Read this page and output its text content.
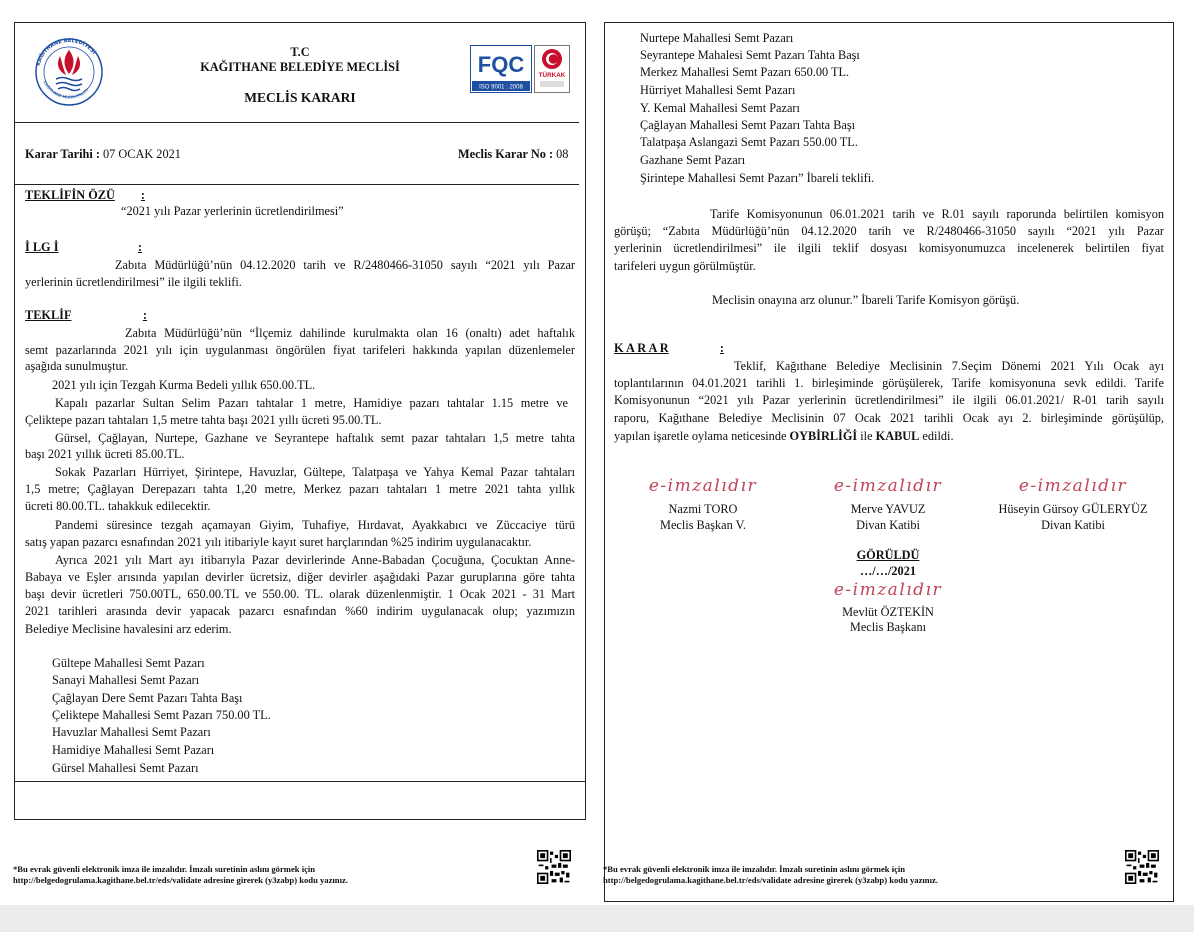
KAĞITHANE BELEDİYESİ
KAĞITHANE MUNICIPALITY
T.C
KAĞITHANE BELEDİYE MECLİSİ
MECLİS KARARI
FQC
ISO 9001 : 2008
TÜRKAK
Karar Tarihi : 07 OCAK 2021	Meclis Karar No : 08
TEKLİFİN ÖZÜ	:
“2021 yılı Pazar yerlerinin ücretlendirilmesi”
İ LG İ	:
Zabıta Müdürlüğü’nün 04.12.2020 tarih ve R/2480466-31050 sayılı “2021 yılı Pazar
yerlerinin ücretlendirilmesi” ile ilgili teklifi.
TEKLİF	:
Zabıta Müdürlüğü’nün “İlçemiz dahilinde kurulmakta olan 16 (onaltı) adet haftalık
semt pazarlarında 2021 yılı için uygulanması öngörülen fiyat tarifeleri hakkında yapılan düzenlemeler
aşağıda sunulmuştur.
2021 yılı için Tezgah Kurma Bedeli yıllık 650.00.TL.
Kapalı pazarlar Sultan Selim Pazarı tahtalar 1 metre, Hamidiye pazarı tahtalar 1.15 metre ve
Çeliktepe pazarı tahtaları 1,5 metre tahta başı 2021 yıllı ücreti 95.00.TL.
Gürsel, Çağlayan, Nurtepe, Gazhane ve Seyrantepe haftalık semt pazar tahtaları 1,5 metre tahta
başı 2021 yıllık ücreti 85.00.TL.
Sokak Pazarları Hürriyet, Şirintepe, Havuzlar, Gültepe, Talatpaşa ve Yahya Kemal Pazar tahtaları
1,5 metre; Çağlayan Derepazarı tahta 1,20 metre, Merkez pazarı tahtaları 1 metre 2021 tahta yıllık
ücreti 80.00.TL. tahakkuk edilecektir.
Pandemi süresince tezgah açamayan Giyim, Tuhafiye, Hırdavat, Ayakkabıcı ve Züccaciye türü
satış yapan pazarcı esnafından 2021 yılı itibariyle kayıt suret harçlarından %25 indirim uygulanacaktır.
Ayrıca 2021 yılı Mart ayı itibarıyla Pazar devirlerinde Anne-Babadan Çocuğuna, Çocuktan Anne-
Babaya ve Eşler arısında yapılan devirler ücretsiz, diğer devirler aşağıdaki Pazar guruplarına göre tahta
başı devir ücretleri 750.00TL, 650.00.TL ve 550.00. TL. olarak düzenlenmiştir. 1 Ocak 2021 - 31 Mart
2021 tarihleri arasında devir yapacak pazarcı esnafından %60 indirim uygulanacak olup; yazımızın
Belediye Meclisine havalesini arz ederim.
Gültepe Mahallesi Semt Pazarı
Sanayi Mahallesi Semt Pazarı
Çağlayan Dere Semt Pazarı Tahta Başı
Çeliktepe Mahallesi Semt Pazarı 750.00 TL.
Havuzlar Mahallesi Semt Pazarı
Hamidiye Mahallesi Semt Pazarı
Gürsel Mahallesi Semt Pazarı
*Bu evrak güvenli elektronik imza ile imzalıdır. İmzalı suretinin aslını görmek için
http://belgedogrulama.kagithane.bel.tr/eds/validate adresine girerek (y3zabp) kodu yazınız.
Nurtepe Mahallesi Semt Pazarı
Seyrantepe Mahalesi Semt Pazarı Tahta Başı
Merkez Mahallesi Semt Pazarı 650.00 TL.
Hürriyet Mahallesi Semt Pazarı
Y. Kemal Mahallesi Semt Pazarı
Çağlayan Mahallesi Semt Pazarı Tahta Başı
Talatpaşa Aslangazi Semt Pazarı 550.00 TL.
Gazhane Semt Pazarı
Şirintepe Mahallesi Semt Pazarı” İbareli teklifi.
Tarife Komisyonunun 06.01.2021 tarih ve R.01 sayılı raporunda belirtilen komisyon
görüşü; “Zabıta Müdürlüğü’nün 04.12.2020 tarih ve R/2480466-31050 sayılı “2021 yılı Pazar
yerlerinin ücretlendirilmesi” ile ilgili teklif dosyası komisyonumuzca incelenerek belirtilen fiyat
tarifeleri uygun görülmüştür.
Meclisin onayına arz olunur.” İbareli Tarife Komisyon görüşü.
K A R A R	:
Teklif, Kağıthane Belediye Meclisinin 7.Seçim Dönemi 2021 Yılı Ocak ayı
toplantılarının 04.01.2021 tarihli 1. birleşiminde görüşülerek, Tarife komisyonuna sevk edildi. Tarife
Komisyonunun “2021 yılı Pazar yerlerinin ücretlendirilmesi” ile ilgili 06.01.2021/ R-01 tarih sayılı
raporu, Kağıthane Belediye Meclisinin 07 Ocak 2021 tarihli Ocak ayı 2. birleşiminde görüşülüp,
yapılan işaretle oylama neticesinde OYBİRLİĞİ ile KABUL edildi.
e-imzalıdır
Nazmi TORO
Meclis Başkan V.
e-imzalıdır
Merve YAVUZ
Divan Katibi
e-imzalıdır
Hüseyin Gürsoy GÜLERYÜZ
Divan Katibi
GÖRÜLDÜ
…/…/2021
e-imzalıdır
Mevlüt ÖZTEKİN
Meclis Başkanı
*Bu evrak güvenli elektronik imza ile imzalıdır. İmzalı suretinin aslını görmek için
http://belgedogrulama.kagithane.bel.tr/eds/validate adresine girerek (y3zabp) kodu yazınız.
